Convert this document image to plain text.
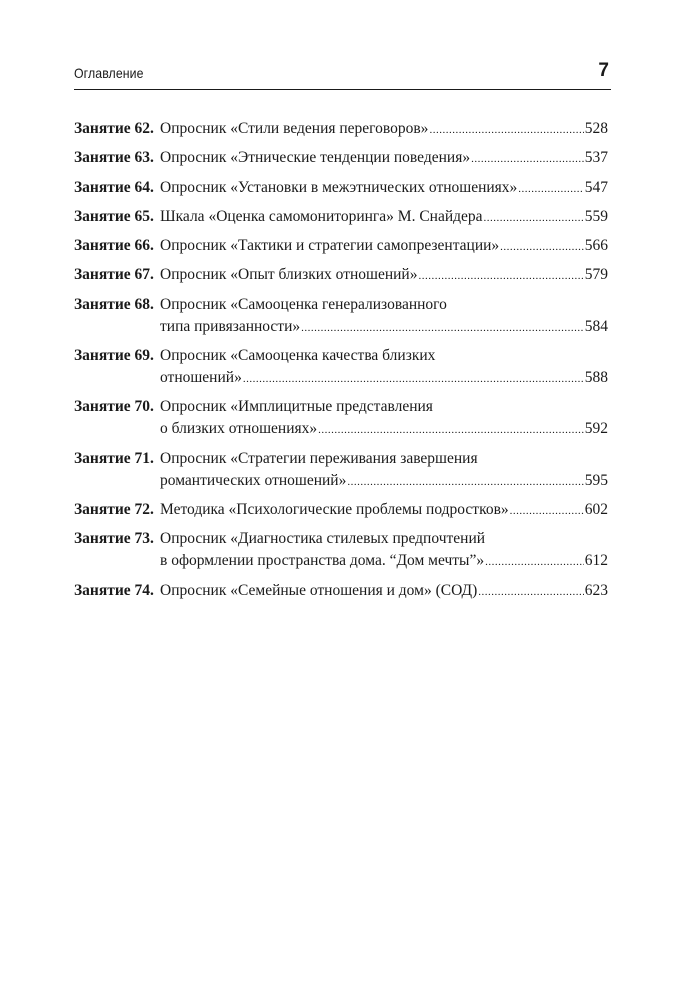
Оглавление	7
Занятие 62. Опросник «Стили ведения переговоров» .....	528
Занятие 63. Опросник «Этнические тенденции поведения» .....	537
Занятие 64. Опросник «Установки в межэтнических отношениях» .....	547
Занятие 65. Шкала «Оценка самомониторинга» М. Снайдера .....	559
Занятие 66. Опросник «Тактики и стратегии самопрезентации» .....	566
Занятие 67. Опросник «Опыт близких отношений» .....	579
Занятие 68. Опросник «Самооценка генерализованного
типа привязанности» .....	584
Занятие 69. Опросник «Самооценка качества близких
отношений» .....	588
Занятие 70. Опросник «Имплицитные представления
о близких отношениях» .....	592
Занятие 71. Опросник «Стратегии переживания завершения
романтических отношений» .....	595
Занятие 72. Методика «Психологические проблемы подростков» .....	602
Занятие 73. Опросник «Диагностика стилевых предпочтений
в оформлении пространства дома. “Дом мечты”» .....	612
Занятие 74. Опросник «Семейные отношения и дом» (СОД) .....	623
